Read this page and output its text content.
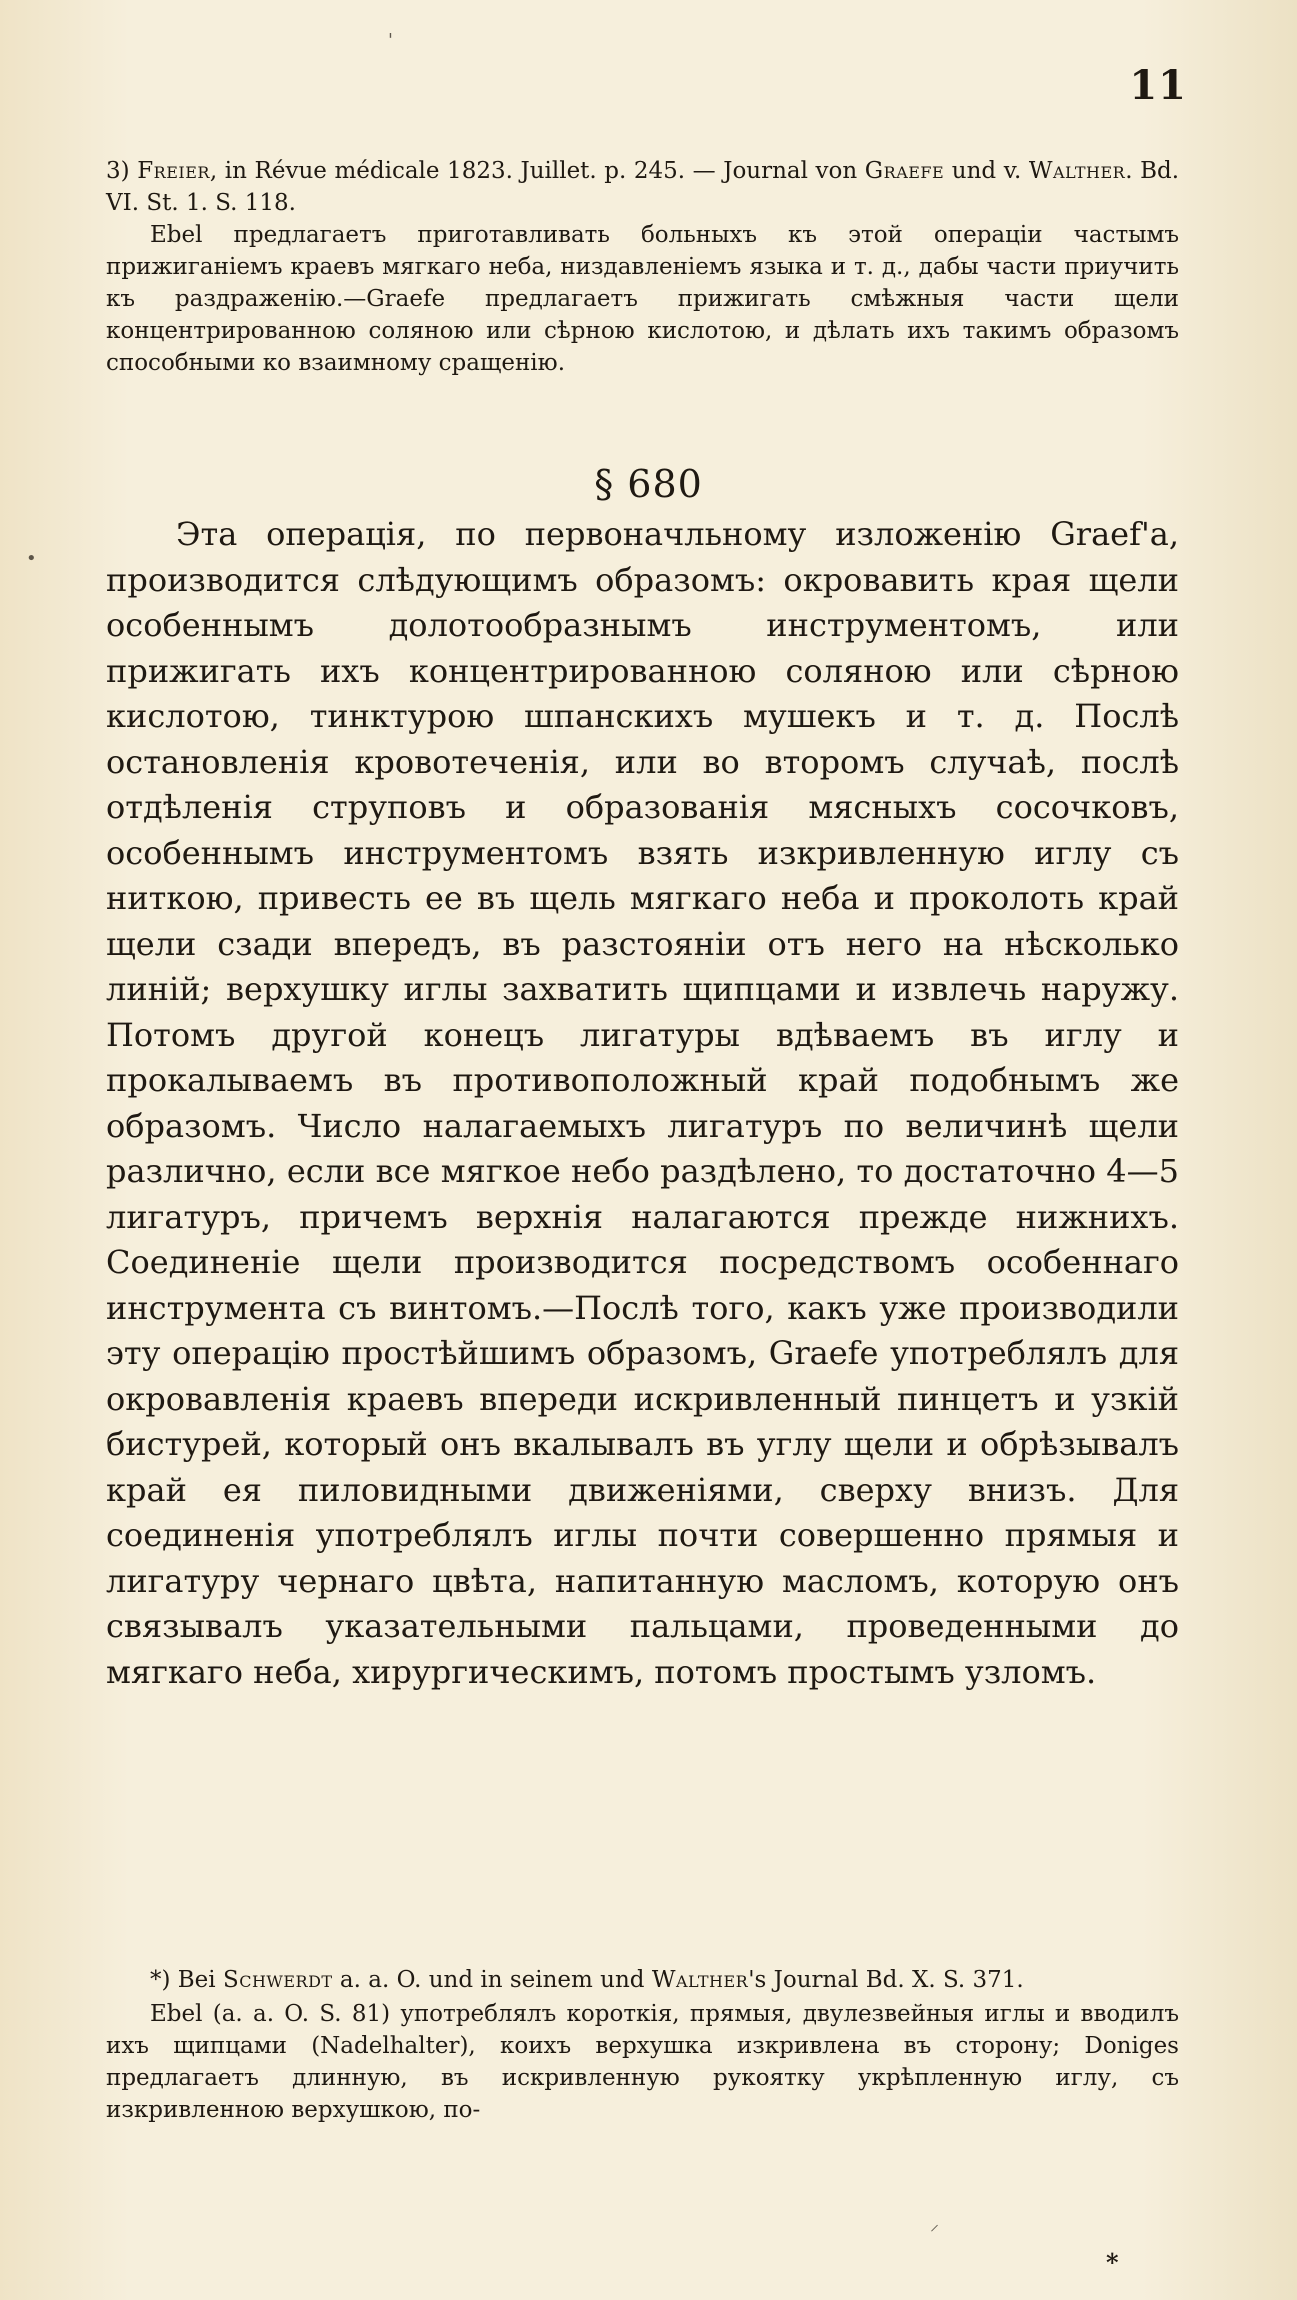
11

3) Freier, in Révue médicale 1823. Juillet. p. 245. — Journal von Graefe und v. Walther. Bd. VI. St. 1. S. 118.

Ebel предлагаетъ приготавливать больныхъ къ этой операціи частымъ прижиганіемъ краевъ мягкаго неба, низдавленіемъ языка и т. д., дабы части приучить къ раздраженію.—Graefe предлагаетъ прижигать смѣжныя части щели концентрированною соляною или сѣрною кислотою, и дѣлать ихъ такимъ образомъ способными ко взаимному сращенію.

§ 680

Эта операція, по первоначльному изложенію Graef'а, производится слѣдующимъ образомъ: окровавить края щели особеннымъ долотообразнымъ инструментомъ, или прижигать ихъ концентрированною соляною или сѣрною кислотою, тинктурою шпанскихъ мушекъ и т. д. Послѣ остановленія кровотеченія, или во второмъ случаѣ, послѣ отдѣленія струповъ и образованія мясныхъ сосочковъ, особеннымъ инструментомъ взять изкривленную иглу съ ниткою, привесть ее въ щель мягкаго неба и проколоть край щели сзади впередъ, въ разстояніи отъ него на нѣсколько линій; верхушку иглы захватить щипцами и извлечь наружу. Потомъ другой конецъ лигатуры вдѣваемъ въ иглу и прокалываемъ въ противоположный край подобнымъ же образомъ. Число налагаемыхъ лигатуръ по величинѣ щели различно, если все мягкое небо раздѣлено, то достаточно 4—5 лигатуръ, причемъ верхнія налагаются прежде нижнихъ. Соединеніе щели производится посредствомъ особеннаго инструмента съ винтомъ.—Послѣ того, какъ уже производили эту операцію простѣйшимъ образомъ, Graefe употреблялъ для окровавленія краевъ впереди искривленный пинцетъ и узкій бистурей, который онъ вкалывалъ въ углу щели и обрѣзывалъ край ея пиловидными движеніями, сверху внизъ. Для соединенія употреблялъ иглы почти совершенно прямыя и лигатуру чернаго цвѣта, напитанную масломъ, которую онъ связывалъ указательными пальцами, проведенными до мягкаго неба, хирургическимъ, потомъ простымъ узломъ.

*) Bei Schwerdt a. a. O. und in seinem und Walther's Journal Bd. X. S. 371.

Ebel (a. a. O. S. 81) употреблялъ короткія, прямыя, двулезвейныя иглы и вводилъ ихъ щипцами (Nadelhalter), коихъ верхушка изкривлена въ сторону; Doniges предлагаетъ длинную, въ искривленную рукоятку укрѣпленную иглу, съ изкривленною верхушкою, по-

*
'
•
⸝
